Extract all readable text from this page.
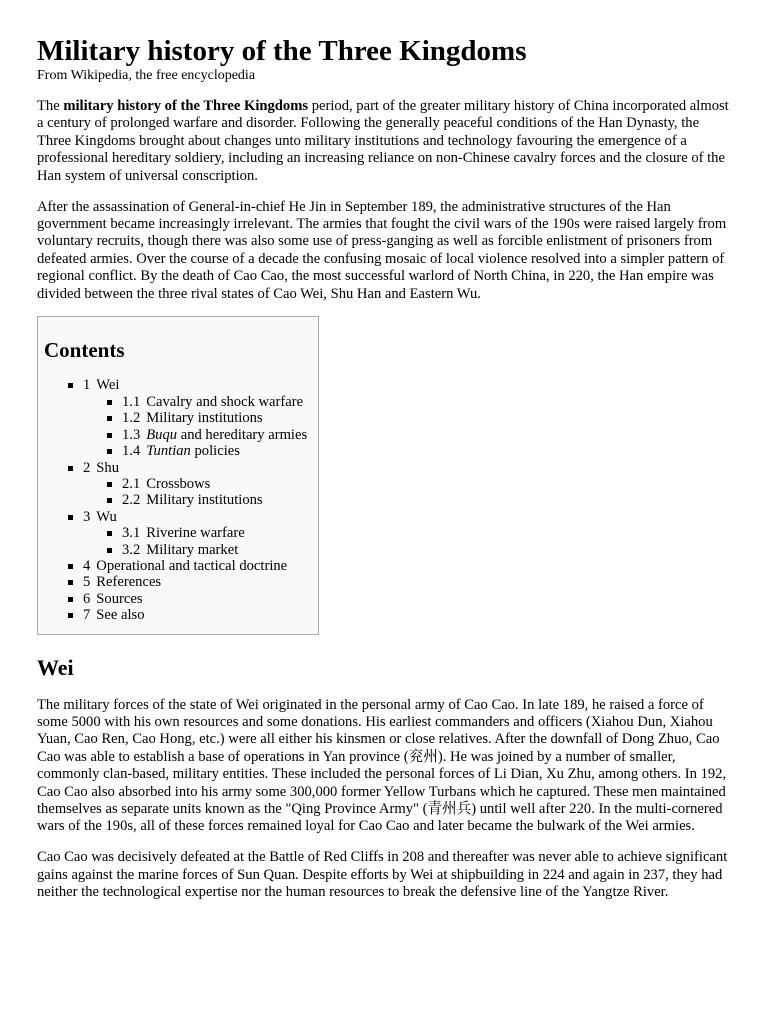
Military history of the Three Kingdoms
From Wikipedia, the free encyclopedia

The military history of the Three Kingdoms period, part of the greater military history of China incorporated almost a century of prolonged warfare and disorder. Following the generally peaceful conditions of the Han Dynasty, the Three Kingdoms brought about changes unto military institutions and technology favouring the emergence of a professional hereditary soldiery, including an increasing reliance on non-Chinese cavalry forces and the closure of the Han system of universal conscription.

After the assassination of General-in-chief He Jin in September 189, the administrative structures of the Han government became increasingly irrelevant. The armies that fought the civil wars of the 190s were raised largely from voluntary recruits, though there was also some use of press-ganging as well as forcible enlistment of prisoners from defeated armies. Over the course of a decade the confusing mosaic of local violence resolved into a simpler pattern of regional conflict. By the death of Cao Cao, the most successful warlord of North China, in 220, the Han empire was divided between the three rival states of Cao Wei, Shu Han and Eastern Wu.

Contents
1 Wei
1.1 Cavalry and shock warfare
1.2 Military institutions
1.3 Buqu and hereditary armies
1.4 Tuntian policies
2 Shu
2.1 Crossbows
2.2 Military institutions
3 Wu
3.1 Riverine warfare
3.2 Military market
4 Operational and tactical doctrine
5 References
6 Sources
7 See also
Wei

The military forces of the state of Wei originated in the personal army of Cao Cao. In late 189, he raised a force of some 5000 with his own resources and some donations. His earliest commanders and officers (Xiahou Dun, Xiahou Yuan, Cao Ren, Cao Hong, etc.) were all either his kinsmen or close relatives. After the downfall of Dong Zhuo, Cao Cao was able to establish a base of operations in Yan province (兖州). He was joined by a number of smaller, commonly clan-based, military entities. These included the personal forces of Li Dian, Xu Zhu, among others. In 192, Cao Cao also absorbed into his army some 300,000 former Yellow Turbans which he captured. These men maintained themselves as separate units known as the "Qing Province Army" (青州兵) until well after 220. In the multi-cornered wars of the 190s, all of these forces remained loyal for Cao Cao and later became the bulwark of the Wei armies.

Cao Cao was decisively defeated at the Battle of Red Cliffs in 208 and thereafter was never able to achieve significant gains against the marine forces of Sun Quan. Despite efforts by Wei at shipbuilding in 224 and again in 237, they had neither the technological expertise nor the human resources to break the defensive line of the Yangtze River.
